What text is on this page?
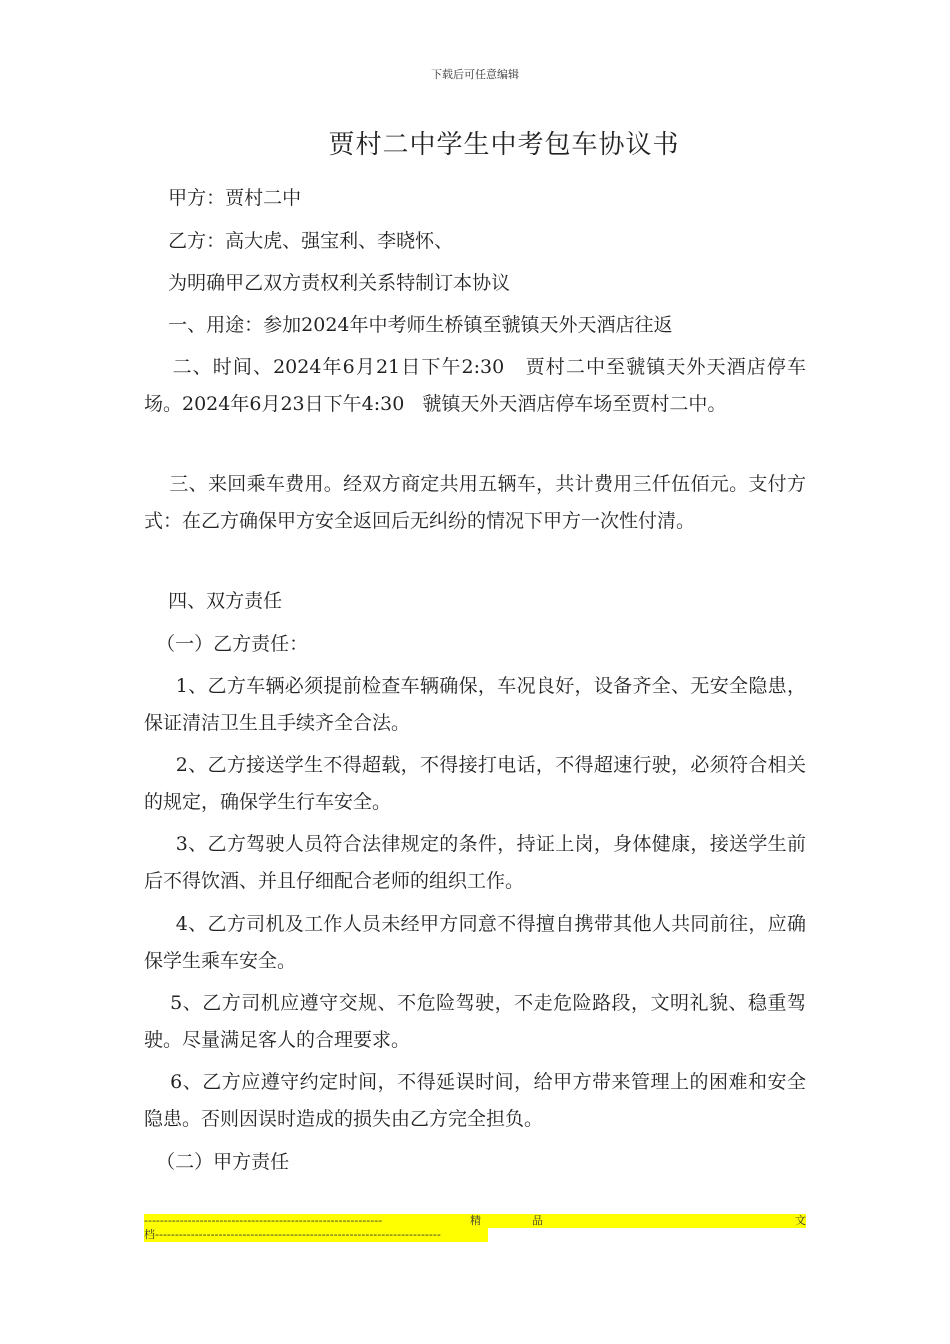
下载后可任意编辑
贾村二中学生中考包车协议书
甲方：贾村二中
乙方：高大虎、强宝利、李晓怀、
为明确甲乙双方责权利关系特制订本协议
一、用途：参加2024年中考师生桥镇至虢镇天外天酒店往返
二、时间、2024年6月21日下午2:30   贾村二中至虢镇天外天酒店停车场。2024年6月23日下午4:30   虢镇天外天酒店停车场至贾村二中。
三、来回乘车费用。经双方商定共用五辆车，共计费用三仟伍佰元。支付方式：在乙方确保甲方安全返回后无纠纷的情况下甲方一次性付清。
四、双方责任
（一）乙方责任：
1、乙方车辆必须提前检查车辆确保，车况良好，设备齐全、无安全隐患，保证清洁卫生且手续齐全合法。
2、乙方接送学生不得超载，不得接打电话，不得超速行驶，必须符合相关的规定，确保学生行车安全。
3、乙方驾驶人员符合法律规定的条件，持证上岗，身体健康，接送学生前后不得饮酒、并且仔细配合老师的组织工作。
4、乙方司机及工作人员未经甲方同意不得擅自携带其他人共同前往，应确保学生乘车安全。
5、乙方司机应遵守交规、不危险驾驶，不走危险路段，文明礼貌、稳重驾驶。尽量满足客人的合理要求。
6、乙方应遵守约定时间，不得延误时间，给甲方带来管理上的困难和安全隐患。否则因误时造成的损失由乙方完全担负。
（二）甲方责任
------------------------------------------------------------	精	品	文
档------------------------------------------------------------------------
